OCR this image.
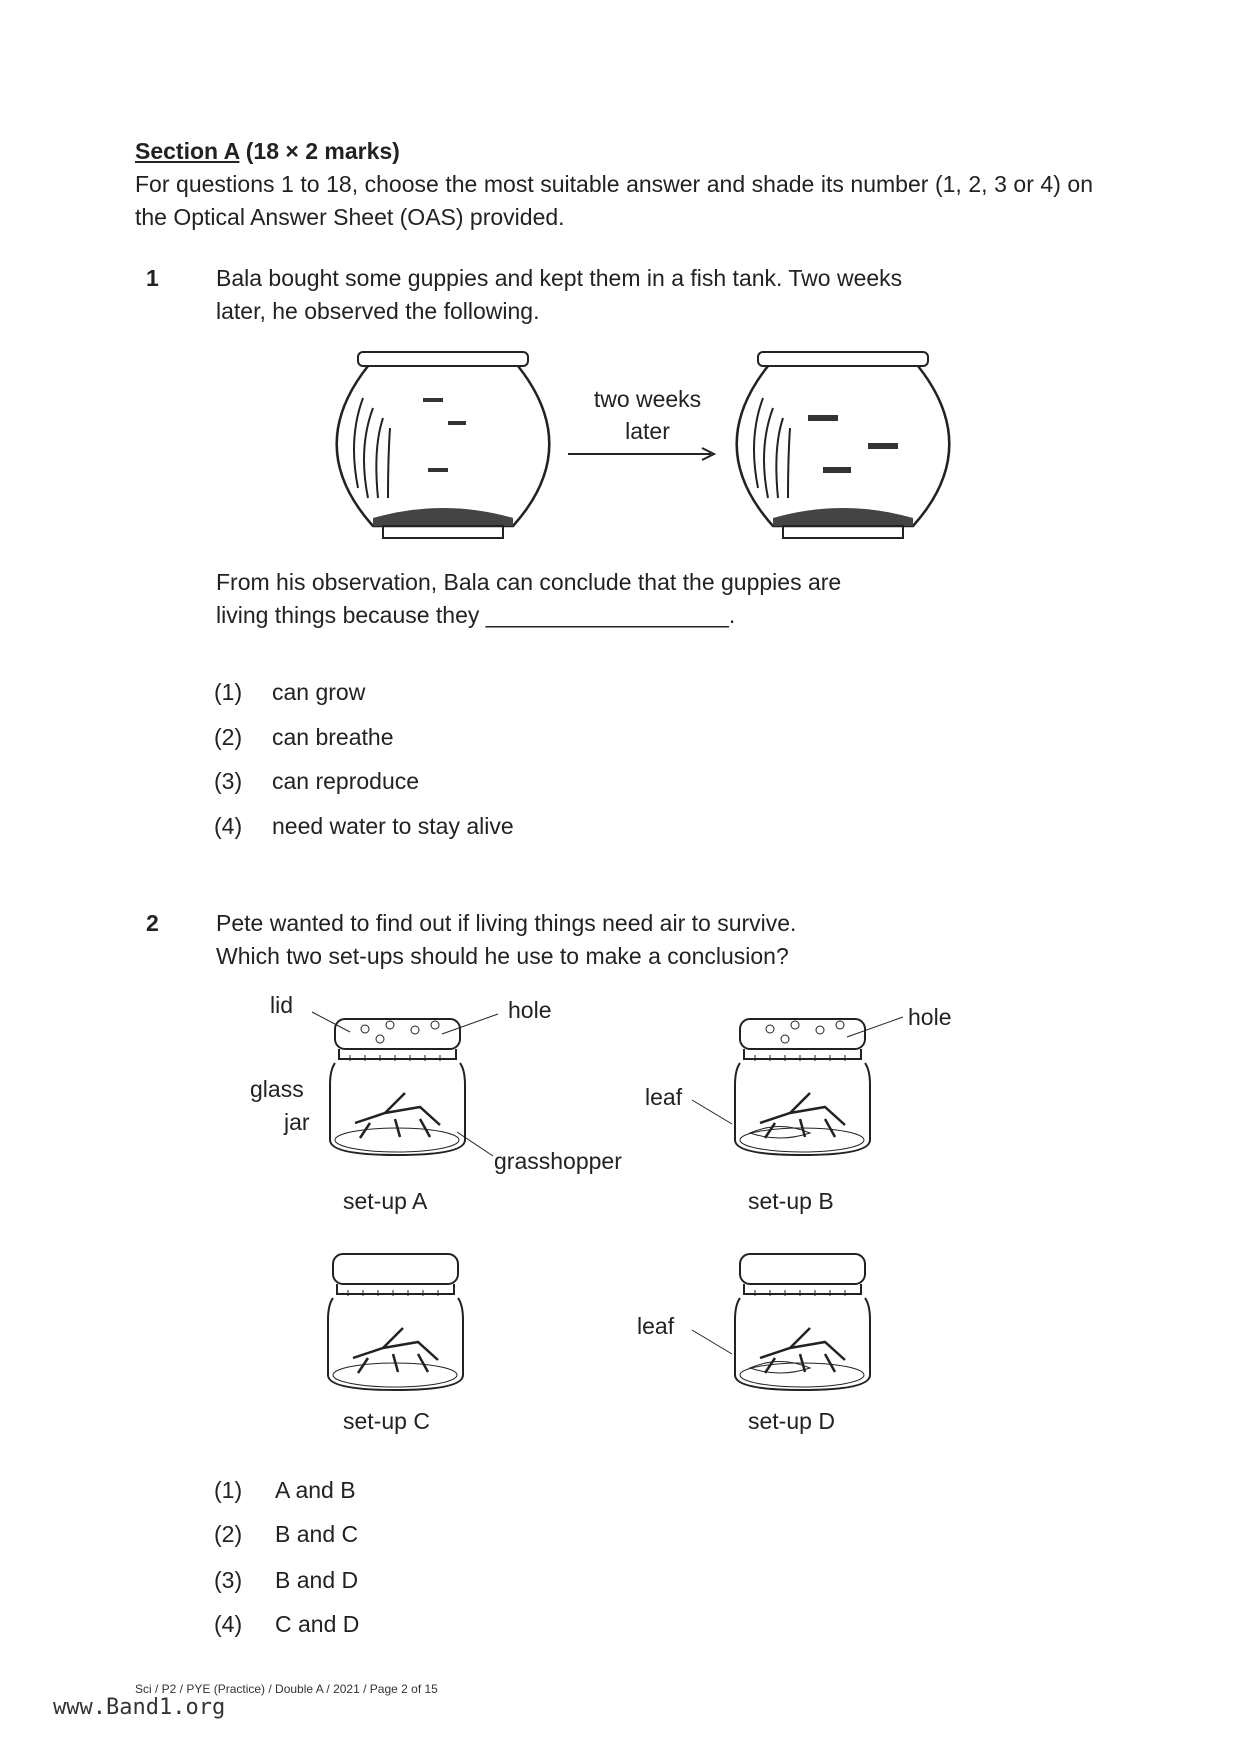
Section A (18 × 2 marks)
For questions 1 to 18, choose the most suitable answer and shade its number (1, 2, 3 or 4) on the Optical Answer Sheet (OAS) provided.
1 Bala bought some guppies and kept them in a fish tank. Two weeks
later, he observed the following.
two weeks
later
From his observation, Bala can conclude that the guppies are
living things because they ___________________.
(1) can grow
(2) can breathe
(3) can reproduce
(4) need water to stay alive
2 Pete wanted to find out if living things need air to survive.
Which two set-ups should he use to make a conclusion?
lid	hole
glass
jar
grasshopper
set-up A
leaf
hole
set-up B
set-up C
leaf
set-up D
(1) A and B
(2) B and C
(3) B and D
(4) C and D
Sci / P2 / PYE (Practice) / Double A / 2021 / Page 2 of 15
www.Band1.org
